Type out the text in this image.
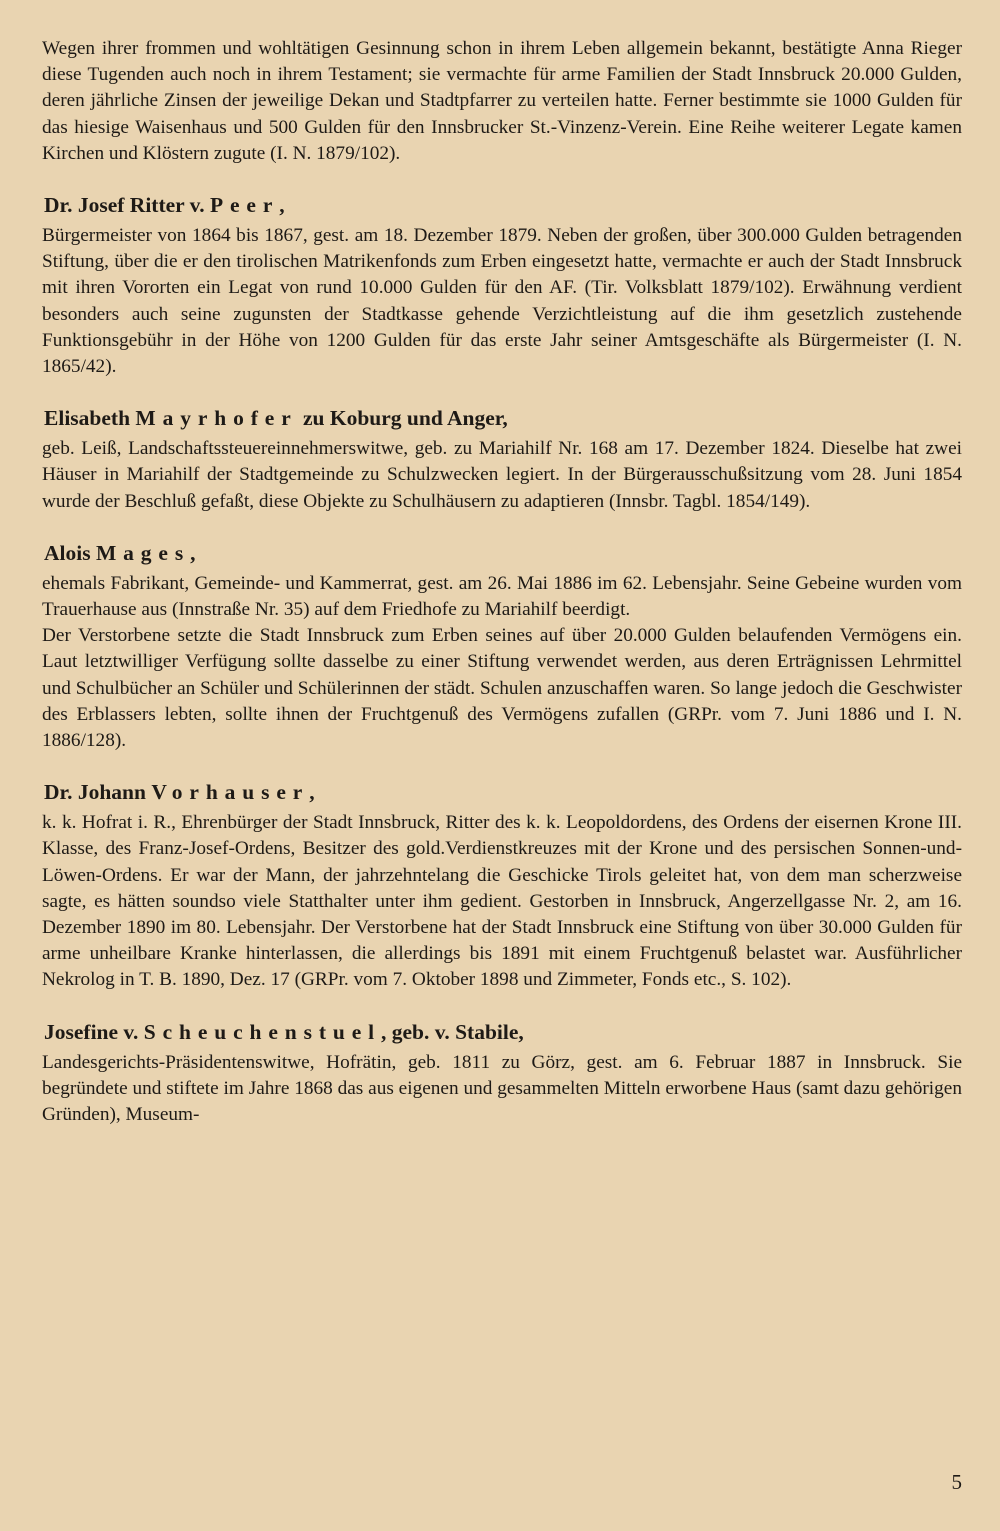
Wegen ihrer frommen und wohltätigen Gesinnung schon in ihrem Leben allgemein bekannt, bestätigte Anna Rieger diese Tugenden auch noch in ihrem Testament; sie vermachte für arme Familien der Stadt Innsbruck 20.000 Gulden, deren jährliche Zinsen der jeweilige Dekan und Stadtpfarrer zu verteilen hatte. Ferner bestimmte sie 1000 Gulden für das hiesige Waisenhaus und 500 Gulden für den Innsbrucker St.-Vinzenz-Verein. Eine Reihe weiterer Legate kamen Kirchen und Klöstern zugute (I. N. 1879/102).

Dr. Josef Ritter v. Peer,

Bürgermeister von 1864 bis 1867, gest. am 18. Dezember 1879. Neben der großen, über 300.000 Gulden betragenden Stiftung, über die er den tirolischen Matrikenfonds zum Erben eingesetzt hatte, vermachte er auch der Stadt Innsbruck mit ihren Vororten ein Legat von rund 10.000 Gulden für den AF. (Tir. Volksblatt 1879/102). Erwähnung verdient besonders auch seine zugunsten der Stadtkasse gehende Verzichtleistung auf die ihm gesetzlich zustehende Funktionsgebühr in der Höhe von 1200 Gulden für das erste Jahr seiner Amtsgeschäfte als Bürgermeister (I. N. 1865/42).

Elisabeth Mayrhofer zu Koburg und Anger,

geb. Leiß, Landschaftssteuereinnehmerswitwe, geb. zu Mariahilf Nr. 168 am 17. Dezember 1824. Dieselbe hat zwei Häuser in Mariahilf der Stadtgemeinde zu Schulzwecken legiert. In der Bürgerausschußsitzung vom 28. Juni 1854 wurde der Beschluß gefaßt, diese Objekte zu Schulhäusern zu adaptieren (Innsbr. Tagbl. 1854/149).

Alois Mages,

ehemals Fabrikant, Gemeinde- und Kammerrat, gest. am 26. Mai 1886 im 62. Lebensjahr. Seine Gebeine wurden vom Trauerhause aus (Innstraße Nr. 35) auf dem Friedhofe zu Mariahilf beerdigt.

Der Verstorbene setzte die Stadt Innsbruck zum Erben seines auf über 20.000 Gulden belaufenden Vermögens ein. Laut letztwilliger Verfügung sollte dasselbe zu einer Stiftung verwendet werden, aus deren Erträgnissen Lehrmittel und Schulbücher an Schüler und Schülerinnen der städt. Schulen anzuschaffen waren. So lange jedoch die Geschwister des Erblassers lebten, sollte ihnen der Fruchtgenuß des Vermögens zufallen (GRPr. vom 7. Juni 1886 und I. N. 1886/128).

Dr. Johann Vorhauser,

k. k. Hofrat i. R., Ehrenbürger der Stadt Innsbruck, Ritter des k. k. Leopoldordens, des Ordens der eisernen Krone III. Klasse, des Franz-Josef-Ordens, Besitzer des gold.Verdienstkreuzes mit der Krone und des persischen Sonnen-und-Löwen-Ordens. Er war der Mann, der jahrzehntelang die Geschicke Tirols geleitet hat, von dem man scherzweise sagte, es hätten soundso viele Statthalter unter ihm gedient. Gestorben in Innsbruck, Angerzellgasse Nr. 2, am 16. Dezember 1890 im 80. Lebensjahr. Der Verstorbene hat der Stadt Innsbruck eine Stiftung von über 30.000 Gulden für arme unheilbare Kranke hinterlassen, die allerdings bis 1891 mit einem Fruchtgenuß belastet war. Ausführlicher Nekrolog in T. B. 1890, Dez. 17 (GRPr. vom 7. Oktober 1898 und Zimmeter, Fonds etc., S. 102).

Josefine v. Scheuchenstuel, geb. v. Stabile,

Landesgerichts-Präsidentenswitwe, Hofrätin, geb. 1811 zu Görz, gest. am 6. Februar 1887 in Innsbruck. Sie begründete und stiftete im Jahre 1868 das aus eigenen und gesammelten Mitteln erworbene Haus (samt dazu gehörigen Gründen), Museum-

5
